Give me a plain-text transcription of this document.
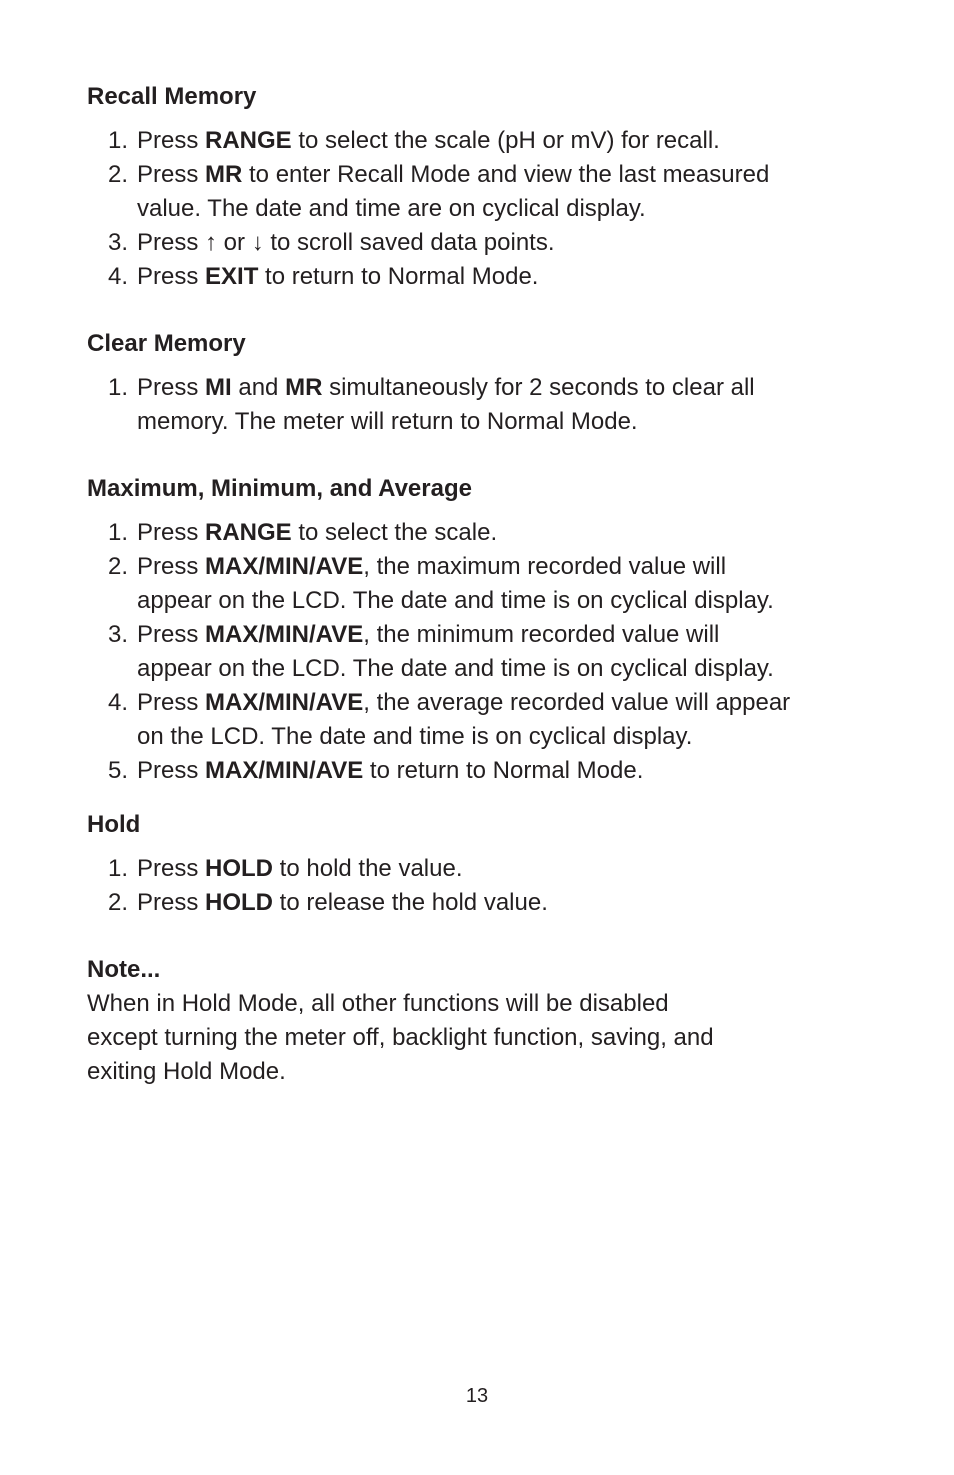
Recall Memory
1. Press RANGE to select the scale (pH or mV) for recall.
2. Press MR to enter Recall Mode and view the last measured
value. The date and time are on cyclical display.
3. Press ↑ or ↓ to scroll saved data points.
4. Press EXIT to return to Normal Mode.
Clear Memory
1. Press MI and MR simultaneously for 2 seconds to clear all
memory. The meter will return to Normal Mode.
Maximum, Minimum, and Average
1. Press RANGE to select the scale.
2. Press MAX/MIN/AVE, the maximum recorded value will
appear on the LCD. The date and time is on cyclical display.
3. Press MAX/MIN/AVE, the minimum recorded value will
appear on the LCD. The date and time is on cyclical display.
4. Press MAX/MIN/AVE, the average recorded value will appear
on the LCD. The date and time is on cyclical display.
5. Press MAX/MIN/AVE to return to Normal Mode.
Hold
1. Press HOLD to hold the value.
2. Press HOLD to release the hold value.
Note...

When in Hold Mode, all other functions will be disabled
except turning the meter off, backlight function, saving, and
exiting Hold Mode.

13
